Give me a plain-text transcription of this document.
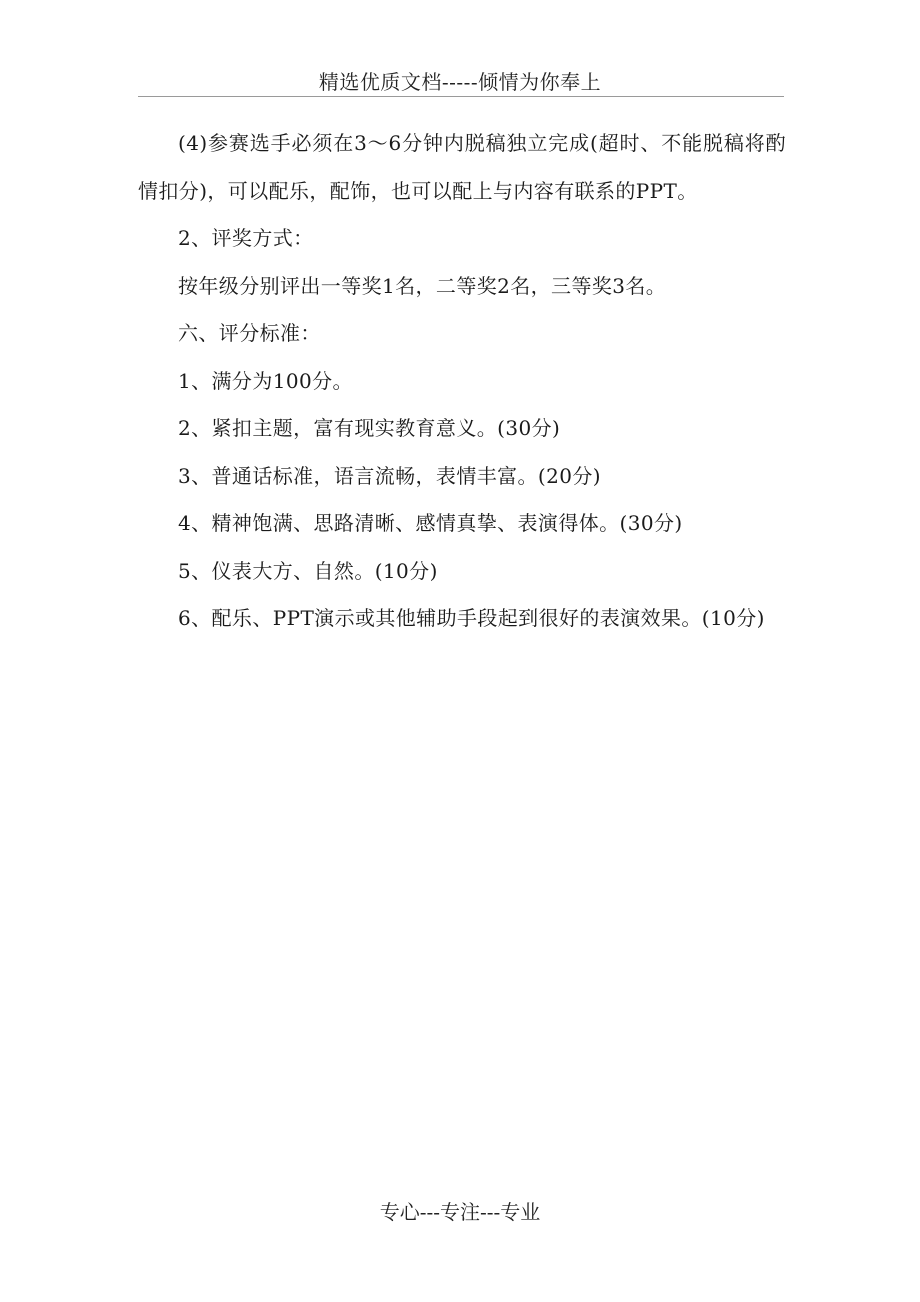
精选优质文档-----倾情为你奉上

(4)参赛选手必须在3～6分钟内脱稿独立完成(超时、不能脱稿将酌情扣分)，可以配乐，配饰，也可以配上与内容有联系的PPT。

2、评奖方式：

按年级分别评出一等奖1名，二等奖2名，三等奖3名。

六、评分标准：

1、满分为100分。

2、紧扣主题，富有现实教育意义。(30分)

3、普通话标准，语言流畅，表情丰富。(20分)

4、精神饱满、思路清晰、感情真挚、表演得体。(30分)

5、仪表大方、自然。(10分)

6、配乐、PPT演示或其他辅助手段起到很好的表演效果。(10分)

专心---专注---专业
